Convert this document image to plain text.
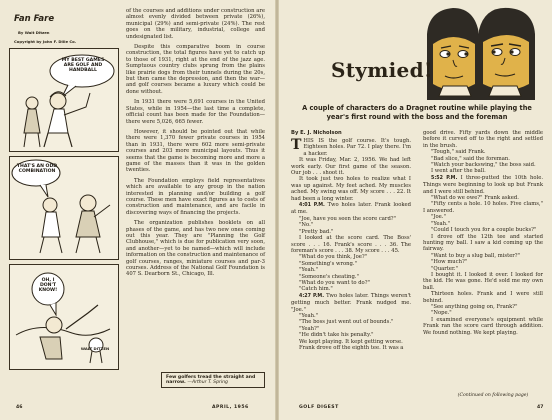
Fan Fare
By Walt Ditzen
Copyright by John F. Dille Co.
MY BEST GAMES ARE GOLF AND HANDBALL
THAT'S AN ODD COMBINATION
OH, I DON'T KNOW!
WALT DITZEN

of the courses and additions under construction are almost evenly divided between private (26%), municipal (29%) and semi-private (24%). The rest goes on the military, industrial, college and undesignated list.

Despite this comparative boom in course construction, the total figures have yet to catch up to those of 1931, right at the end of the jazz age. Sumptuous country clubs sprung from the plains like prairie dogs from their tunnels during the 20s, but then came the depression, and then the war—and golf courses became a luxury which could be done without.

In 1931 there were 5,691 courses in the United States, while in 1954—the last time a complete, official count has been made for the Foundation—there were 5,026, 665 fewer.

However, it should be pointed out that while there were 1,370 fewer private courses in 1954 than in 1931, there were 602 more semi-private courses and 203 more municipal layouts. Thus it seems that the game is becoming more and more a game of the masses than it was in the golden twenties.

The Foundation employs field representatives which are available to any group in the nation interested in planning and/or building a golf course. These men have exact figures as to costs of construction and maintenance, and are facile in discovering ways of financing the projects.

The organization publishes booklets on all phases of the game, and has two new ones coming out this year. They are "Planning the Golf Clubhouse," which is due for publication very soon, and another—yet to be named—which will include information on the construction and maintenance of golf courses, ranges, miniature courses and par-3 courses. Address of the National Golf Foundation is 407 S. Dearborn St., Chicago, Ill.

Few golfers tread the straight and narrow. —Arthur T. Spring
46	APRIL, 1956
Stymied!
A couple of characters do a Dragnet routine while playing the year's first round with the boss and the foreman
By E. J. Nicholson

THIS IS the golf course. It's tough. Eighteen holes. Par 72. I play there. I'm a hacker.

It was Friday, Mar. 2, 1956. We had left work early. Our first game of the season. Our job . . . shoot it.

It took just two holes to realize what I was up against. My feet ached. My muscles ached. My swing was off. My score . . . 22. It had been a long winter.

4:01 P.M. Two holes later. Frank looked at me.

"Joe, have you seen the score card?"

"No."

"Pretty bad."

I looked at the score card. The Boss' score . . . 16. Frank's score . . . 36. The foreman's score . . . 38. My score . . . 45.

"What do you think, Joe?"

"Something's wrong."

"Yeah."

"Someone's cheating."

"What do you want to do?"

"Catch him."

4:27 P.M. Two holes later. Things weren't getting much better. Frank nudged me. "Joe."

"Yeah."

"The boss just went out of bounds."

"Yeah?"

"He didn't take his penalty."

We kept playing. It kept getting worse.

Frank drove off the eighth tee. It was a

good drive. Fifty yards down the middle before it curved off to the right and settled in the brush.

"Tough," said Frank.

"Bad slice," said the foreman.

"Watch your backswing," the boss said.

I went after the ball.

5:52 P.M. I three-putted the 10th hole. Things were beginning to look up but Frank and I were still behind.

"What do we owe?" Frank asked.

"Fifty cents a hole. 10 holes. Five clams," I answered.

"Joe."

"Yeah."

"Could I touch you for a couple bucks?"

I drove off the 12th tee and started hunting my ball. I saw a kid coming up the fairway.

"Want to buy a slug ball, mister?"

"How much?"

"Quarter."

I bought it. I looked it over. I looked for the kid. He was gone. He'd sold me my own ball.

Thirteen holes. Frank and I were still behind.

"See anything going on, Frank?"

"Nope."

I examined everyone's equipment while Frank ran the score card through addition. We found nothing. We kept playing.

(Continued on following page)
GOLF DIGEST	47
